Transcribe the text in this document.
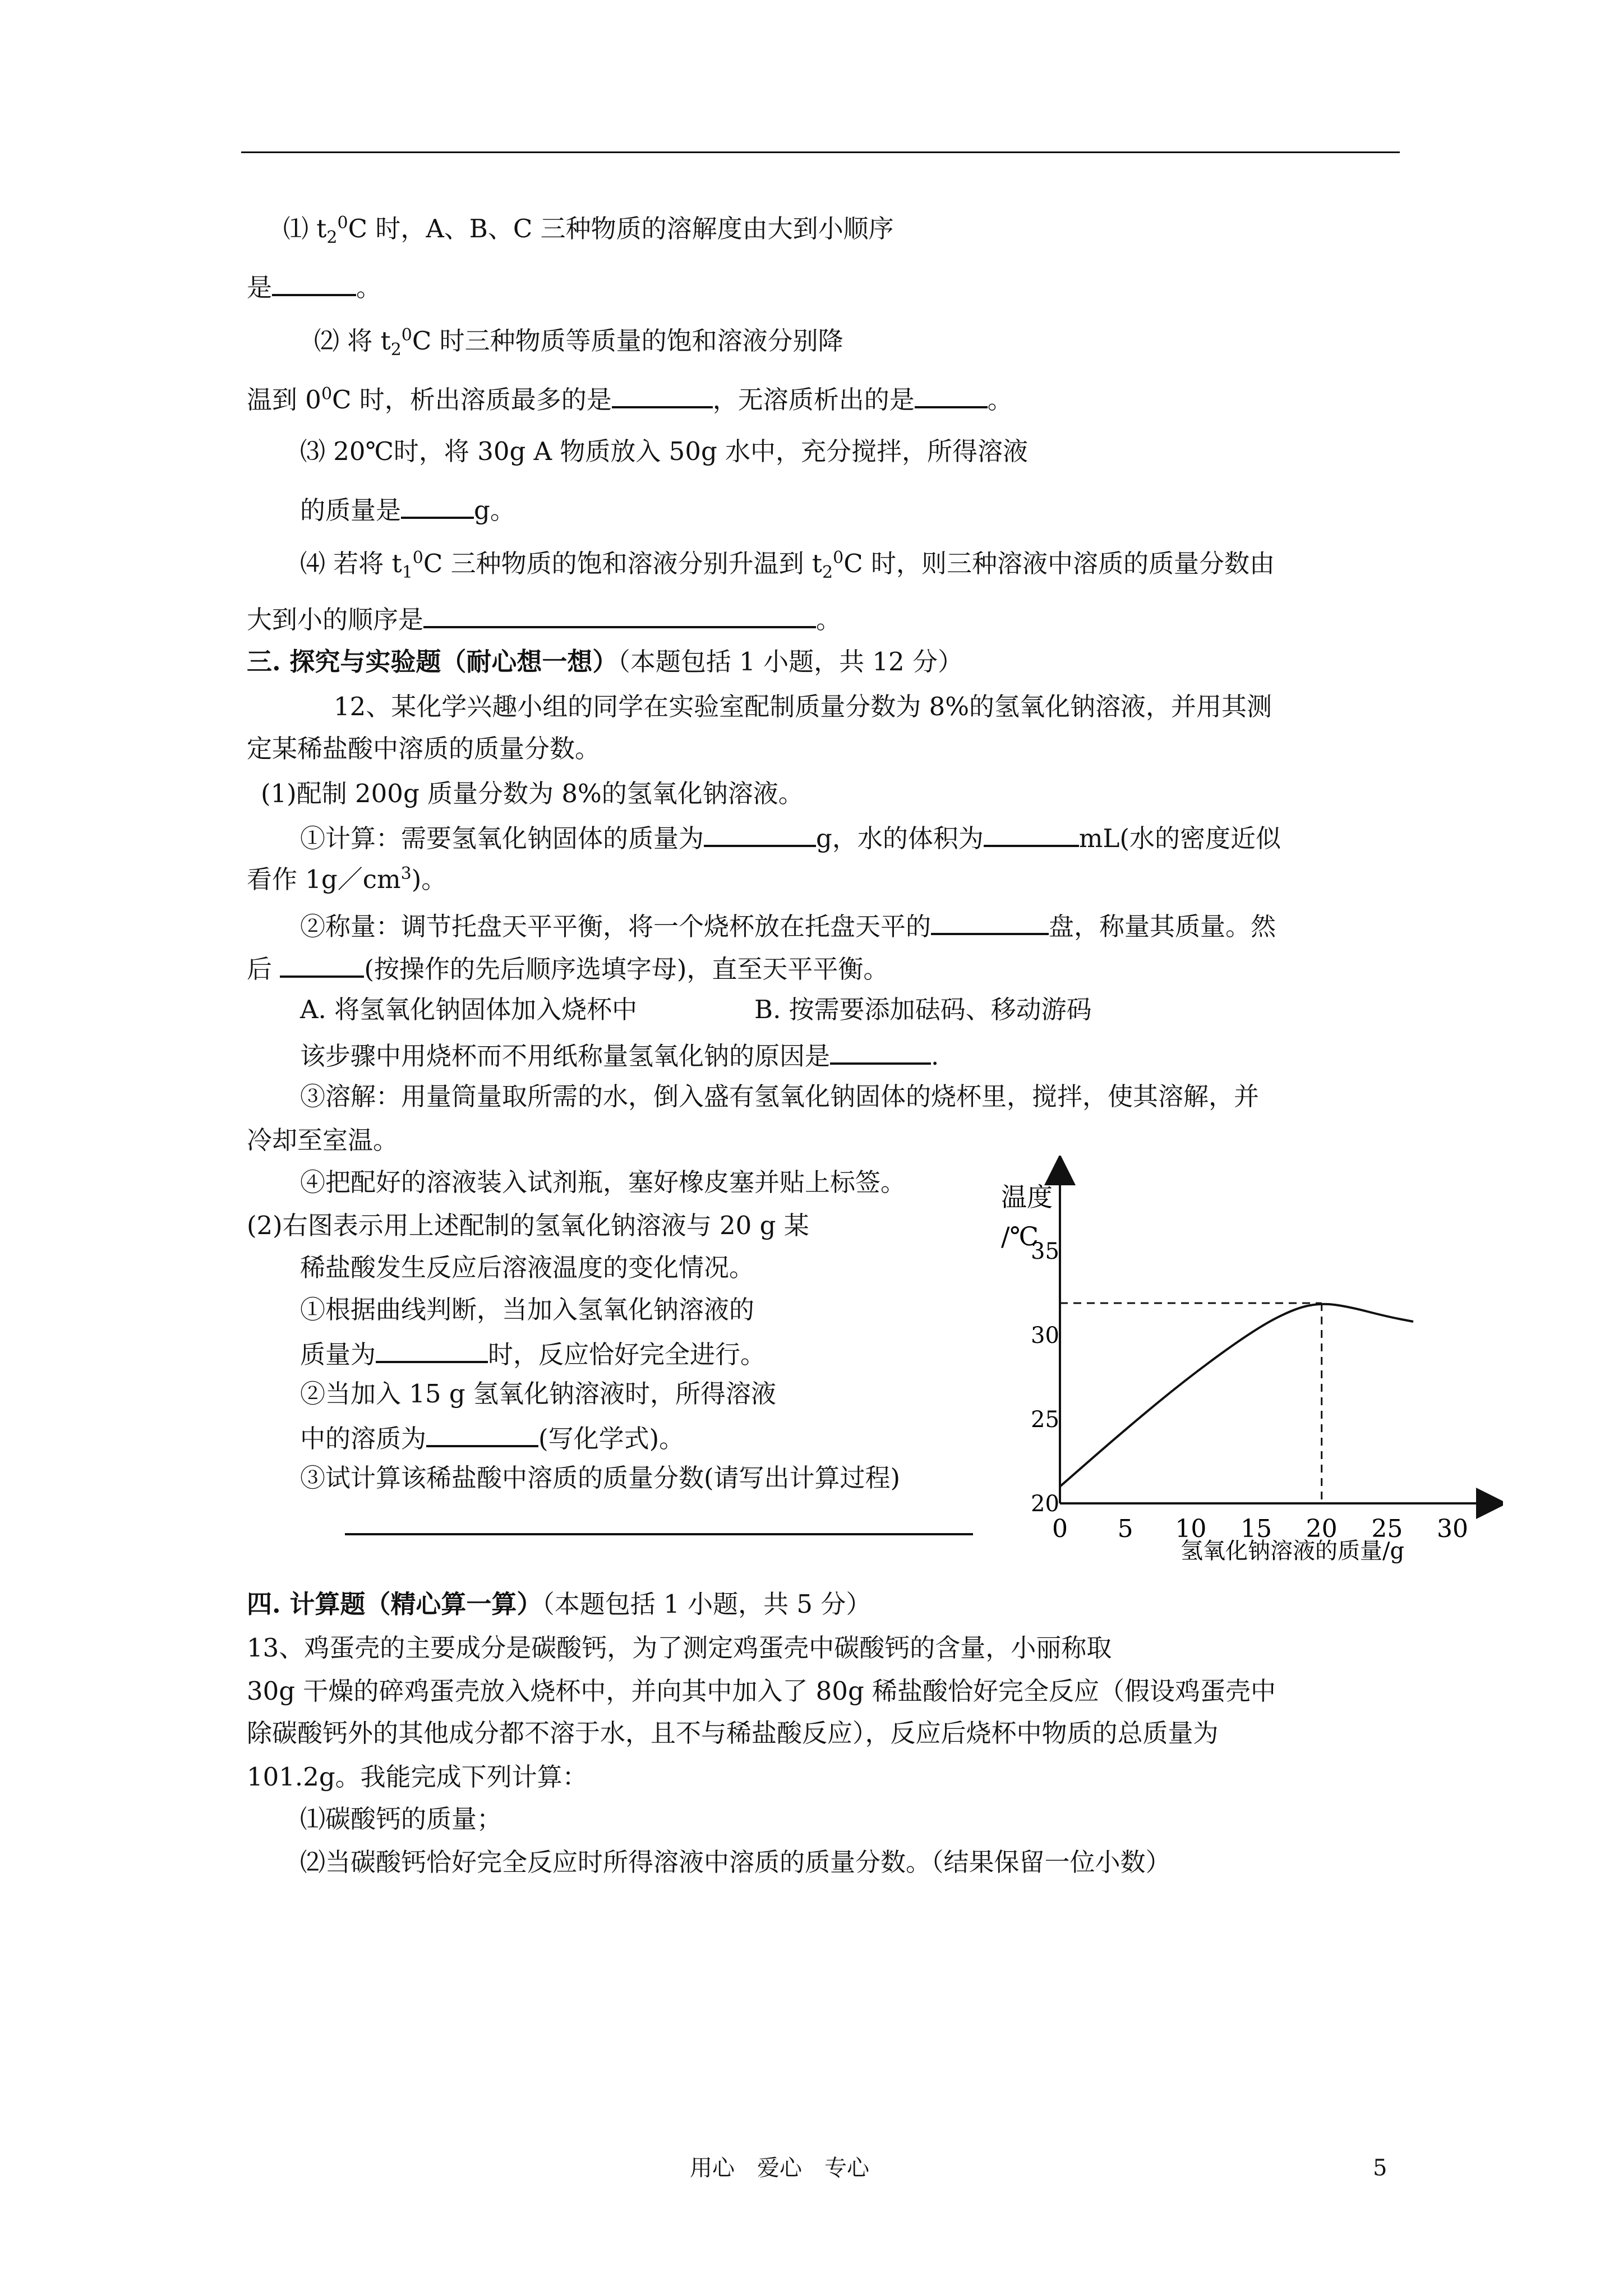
⑴ $t_2^0C$ 时，A、B、C 三种物质的溶解度由大到小顺序
是	。
⑵ 将 $t_2^0C$ 时三种物质等质量的饱和溶液分别降
温到 $0^0C$ 时，析出溶质最多的是	，无溶质析出的是	。
⑶ 20℃时，将 30g A 物质放入 50g 水中，充分搅拌，所得溶液
的质量是	g。
⑷ 若将 $t_1^0C$ 三种物质的饱和溶液分别升温到 $t_2^0C$ 时，则三种溶液中溶质的质量分数由
大到小的顺序是	。
三. 探究与实验题（耐心想一想）（本题包括 1 小题，共 12 分）
12、某化学兴趣小组的同学在实验室配制质量分数为 8%的氢氧化钠溶液，并用其测
定某稀盐酸中溶质的质量分数。
(1)配制 200g 质量分数为 8%的氢氧化钠溶液。
①计算：需要氢氧化钠固体的质量为	g，水的体积为	mL(水的密度近似
看作 $1g/cm^3$)。
②称量：调节托盘天平平衡，将一个烧杯放在托盘天平的	盘，称量其质量。然
后	(按操作的先后顺序选填字母)，直至天平平衡。
A. 将氢氧化钠固体加入烧杯中	B. 按需要添加砝码、移动游码
该步骤中用烧杯而不用纸称量氢氧化钠的原因是	.
③溶解：用量筒量取所需的水，倒入盛有氢氧化钠固体的烧杯里，搅拌，使其溶解，并
冷却至室温。
④把配好的溶液装入试剂瓶，塞好橡皮塞并贴上标签。
(2)右图表示用上述配制的氢氧化钠溶液与 20 g 某
稀盐酸发生反应后溶液温度的变化情况。
①根据曲线判断，当加入氢氧化钠溶液的
质量为	时，反应恰好完全进行。
②当加入 15 g 氢氧化钠溶液时，所得溶液
中的溶质为	(写化学式)。
③试计算该稀盐酸中溶质的质量分数(请写出计算过程)
温度
/℃
20
25
30
35
0 5 10 15 20 25 30
氢氧化钠溶液的质量/g
四. 计算题（精心算一算）（本题包括 1 小题，共 5 分）
13、鸡蛋壳的主要成分是碳酸钙，为了测定鸡蛋壳中碳酸钙的含量，小丽称取
30g 干燥的碎鸡蛋壳放入烧杯中，并向其中加入了 80g 稀盐酸恰好完全反应（假设鸡蛋壳中
除碳酸钙外的其他成分都不溶于水，且不与稀盐酸反应），反应后烧杯中物质的总质量为
101.2g。我能完成下列计算：
⑴碳酸钙的质量；
⑵当碳酸钙恰好完全反应时所得溶液中溶质的质量分数。（结果保留一位小数）
用心　爱心　专心	5
